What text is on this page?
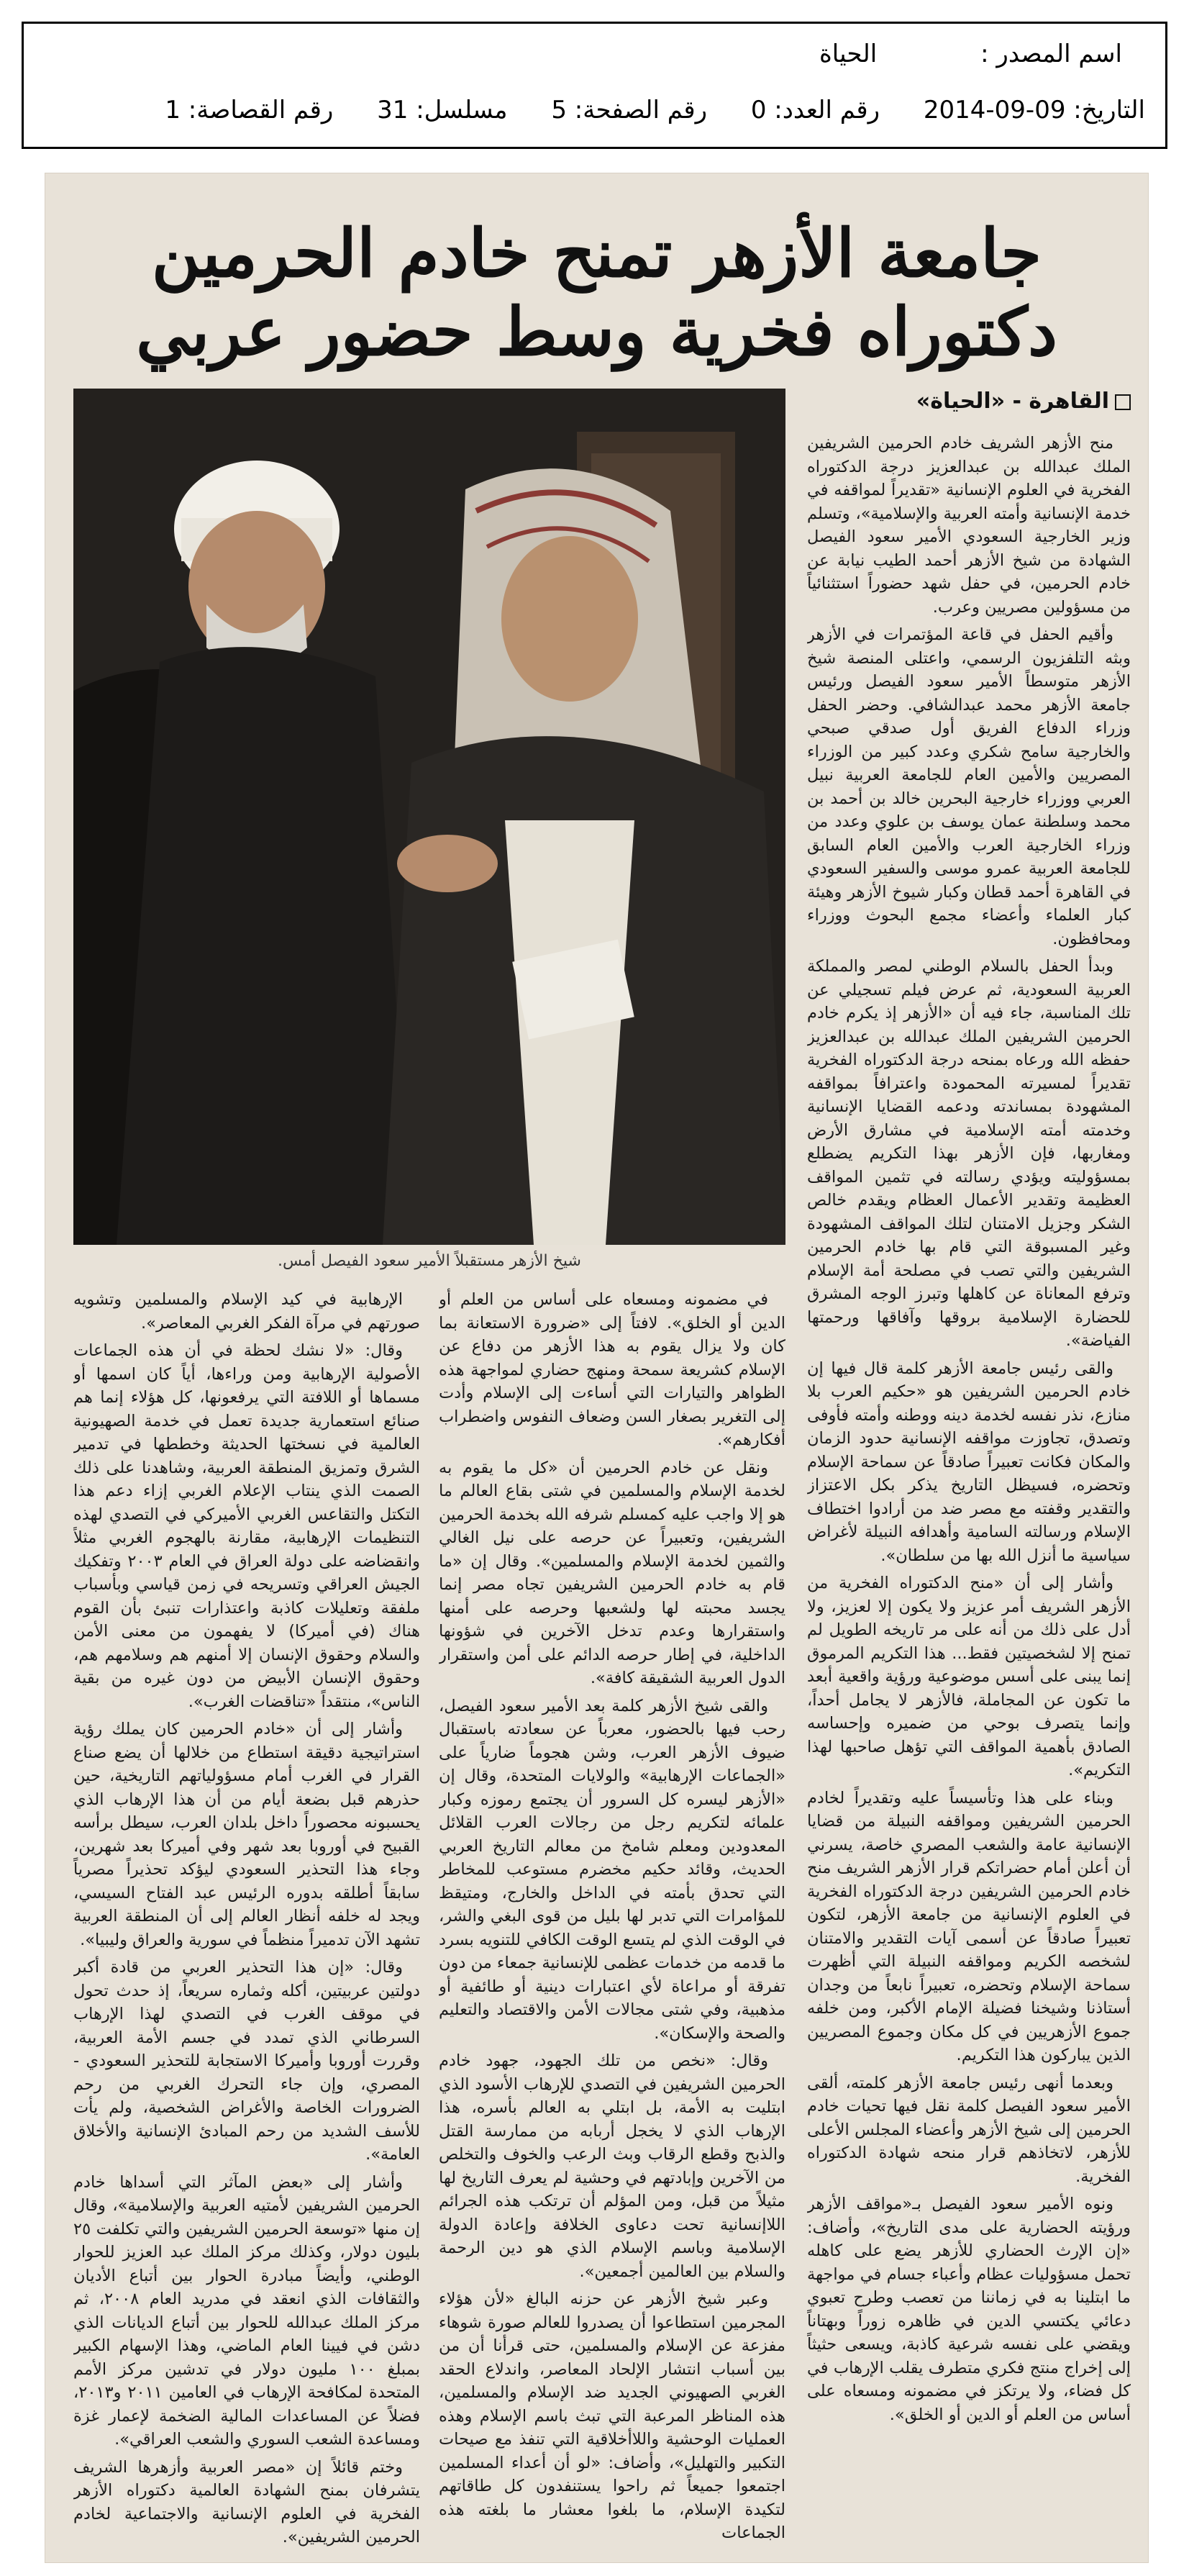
اسم المصدر :الحياة
التاريخ: 2014-09-09 رقم العدد: 0 رقم الصفحة: 5 مسلسل: 31 رقم القصاصة: 1
جامعة الأزهر تمنح خادم الحرمين
دكتوراه فخرية وسط حضور عربي
شيخ الأزهر مستقبلاً الأمير سعود الفيصل أمس.
القاهرة - «الحياة»

منح الأزهر الشريف خادم الحرمين الشريفين الملك عبدالله بن عبدالعزيز درجة الدكتوراه الفخرية في العلوم الإنسانية «تقديراً لمواقفه في خدمة الإنسانية وأمته العربية والإسلامية»، وتسلم وزير الخارجية السعودي الأمير سعود الفيصل الشهادة من شيخ الأزهر أحمد الطيب نيابة عن خادم الحرمين، في حفل شهد حضوراً استثنائياً من مسؤولين مصريين وعرب.

وأقيم الحفل في قاعة المؤتمرات في الأزهر وبثه التلفزيون الرسمي، واعتلى المنصة شيخ الأزهر متوسطاً الأمير سعود الفيصل ورئيس جامعة الأزهر محمد عبدالشافي. وحضر الحفل وزراء الدفاع الفريق أول صدقي صبحي والخارجية سامح شكري وعدد كبير من الوزراء المصريين والأمين العام للجامعة العربية نبيل العربي ووزراء خارجية البحرين خالد بن أحمد بن محمد وسلطنة عمان يوسف بن علوي وعدد من وزراء الخارجية العرب والأمين العام السابق للجامعة العربية عمرو موسى والسفير السعودي في القاهرة أحمد قطان وكبار شيوخ الأزهر وهيئة كبار العلماء وأعضاء مجمع البحوث ووزراء ومحافظون.

وبدأ الحفل بالسلام الوطني لمصر والمملكة العربية السعودية، ثم عرض فيلم تسجيلي عن تلك المناسبة، جاء فيه أن «الأزهر إذ يكرم خادم الحرمين الشريفين الملك عبدالله بن عبدالعزيز حفظه الله ورعاه بمنحه درجة الدكتوراه الفخرية تقديراً لمسيرته المحمودة واعترافاً بمواقفه المشهودة بمساندته ودعمه القضايا الإنسانية وخدمته أمته الإسلامية في مشارق الأرض ومغاربها، فإن الأزهر بهذا التكريم يضطلع بمسؤوليته ويؤدي رسالته في تثمين المواقف العظيمة وتقدير الأعمال العظام ويقدم خالص الشكر وجزيل الامتنان لتلك المواقف المشهودة وغير المسبوقة التي قام بها خادم الحرمين الشريفين والتي تصب في مصلحة أمة الإسلام وترفع المعاناة عن كاهلها وتبرز الوجه المشرق للحضارة الإسلامية بروقها وآفاقها ورحمتها الفياضة».

والقى رئيس جامعة الأزهر كلمة قال فيها إن خادم الحرمين الشريفين هو «حكيم العرب بلا منازع، نذر نفسه لخدمة دينه ووطنه وأمته فأوفى وتصدق، تجاوزت مواقفه الإنسانية حدود الزمان والمكان فكانت تعبيراً صادقاً عن سماحة الإسلام وتحضره، فسيظل التاريخ يذكر بكل الاعتزاز والتقدير وقفته مع مصر ضد من أرادوا اختطاف الإسلام ورسالته السامية وأهدافه النبيلة لأغراض سياسية ما أنزل الله بها من سلطان».

وأشار إلى أن «منح الدكتوراه الفخرية من الأزهر الشريف أمر عزيز ولا يكون إلا لعزيز، ولا أدل على ذلك من أنه على مر تاريخه الطويل لم تمنح إلا لشخصيتين فقط... هذا التكريم المرموق إنما يبنى على أسس موضوعية ورؤية واقعية أبعد ما تكون عن المجاملة، فالأزهر لا يجامل أحداً، وإنما يتصرف بوحي من ضميره وإحساسه الصادق بأهمية المواقف التي تؤهل صاحبها لهذا التكريم».

وبناء على هذا وتأسيساً عليه وتقديراً لخادم الحرمين الشريفين ومواقفه النبيلة من قضايا الإنسانية عامة والشعب المصري خاصة، يسرني أن أعلن أمام حضراتكم قرار الأزهر الشريف منح خادم الحرمين الشريفين درجة الدكتوراه الفخرية في العلوم الإنسانية من جامعة الأزهر، لتكون تعبيراً صادقاً عن أسمى آيات التقدير والامتنان لشخصه الكريم ومواقفه النبيلة التي أظهرت سماحة الإسلام وتحضره، تعبيراً نابعاً من وجدان أستاذنا وشيخنا فضيلة الإمام الأكبر، ومن خلفه جموع الأزهريين في كل مكان وجموع المصريين الذين يباركون هذا التكريم.

وبعدما أنهى رئيس جامعة الأزهر كلمته، ألقى الأمير سعود الفيصل كلمة نقل فيها تحيات خادم الحرمين إلى شيخ الأزهر وأعضاء المجلس الأعلى للأزهر، لاتخاذهم قرار منحه شهادة الدكتوراه الفخرية.

ونوه الأمير سعود الفيصل بـ«مواقف الأزهر ورؤيته الحضارية على مدى التاريخ»، وأضاف: «إن الإرث الحضاري للأزهر يضع على كاهله تحمل مسؤوليات عظام وأعباء جسام في مواجهة ما ابتلينا به في زماننا من تعصب وطرح تعبوي دعائي يكتسي الدين في ظاهره زوراً وبهتاناً ويقضي على نفسه شرعية كاذبة، ويسعى حثيثاً إلى إخراج منتج فكري متطرف يقلب الإرهاب في كل فضاء، ولا يرتكز في مضمونه ومسعاه على أساس من العلم أو الدين أو الخلق».

في مضمونه ومسعاه على أساس من العلم أو الدين أو الخلق». لافتاً إلى «ضرورة الاستعانة بما كان ولا يزال يقوم به هذا الأزهر من دفاع عن الإسلام كشريعة سمحة ومنهج حضاري لمواجهة هذه الظواهر والتيارات التي أساءت إلى الإسلام وأدت إلى التغرير بصغار السن وضعاف النفوس واضطراب أفكارهم».

ونقل عن خادم الحرمين أن «كل ما يقوم به لخدمة الإسلام والمسلمين في شتى بقاع العالم ما هو إلا واجب عليه كمسلم شرفه الله بخدمة الحرمين الشريفين، وتعبيراً عن حرصه على نيل الغالي والثمين لخدمة الإسلام والمسلمين». وقال إن «ما قام به خادم الحرمين الشريفين تجاه مصر إنما يجسد محبته لها ولشعبها وحرصه على أمنها واستقرارها وعدم تدخل الآخرين في شؤونها الداخلية، في إطار حرصه الدائم على أمن واستقرار الدول العربية الشقيقة كافة».

والقى شيخ الأزهر كلمة بعد الأمير سعود الفيصل، رحب فيها بالحضور، معرباً عن سعادته باستقبال ضيوف الأزهر العرب، وشن هجوماً ضارياً على «الجماعات الإرهابية» والولايات المتحدة، وقال إن «الأزهر ليسره كل السرور أن يجتمع رموزه وكبار علمائه لتكريم رجل من رجالات العرب القلائل المعدودين ومعلم شامخ من معالم التاريخ العربي الحديث، وقائد حكيم مخضرم مستوعب للمخاطر التي تحدق بأمته في الداخل والخارج، ومتيقظ للمؤامرات التي تدبر لها بليل من قوى البغي والشر، في الوقت الذي لم يتسع الوقت الكافي للتنويه بسرد ما قدمه من خدمات عظمى للإنسانية جمعاء من دون تفرقة أو مراعاة لأي اعتبارات دينية أو طائفية أو مذهبية، وفي شتى مجالات الأمن والاقتصاد والتعليم والصحة والإسكان».

وقال: «نخص من تلك الجهود، جهود خادم الحرمين الشريفين في التصدي للإرهاب الأسود الذي ابتليت به الأمة، بل ابتلي به العالم بأسره، هذا الإرهاب الذي لا يخجل أربابه من ممارسة القتل والذبح وقطع الرقاب وبث الرعب والخوف والتخلص من الآخرين وإبادتهم في وحشية لم يعرف التاريخ لها مثيلاً من قبل، ومن المؤلم أن ترتكب هذه الجرائم اللاإنسانية تحت دعاوى الخلافة وإعادة الدولة الإسلامية وباسم الإسلام الذي هو دين الرحمة والسلام بين العالمين أجمعين».

وعبر شيخ الأزهر عن حزنه البالغ «لأن هؤلاء المجرمين استطاعوا أن يصدروا للعالم صورة شوهاء مفزعة عن الإسلام والمسلمين، حتى قرأنا أن من بين أسباب انتشار الإلحاد المعاصر، واندلاع الحقد الغربي الصهيوني الجديد ضد الإسلام والمسلمين، هذه المناظر المرعبة التي تبث باسم الإسلام وهذه العمليات الوحشية واللاأخلاقية التي تنفذ مع صيحات التكبير والتهليل»، وأضاف: «لو أن أعداء المسلمين اجتمعوا جميعاً ثم راحوا يستنفدون كل طاقاتهم لتكيدة الإسلام، ما بلغوا معشار ما بلغته هذه الجماعات

الإرهابية في كيد الإسلام والمسلمين وتشويه صورتهم في مرآة الفكر الغربي المعاصر».

وقال: «لا نشك لحظة في أن هذه الجماعات الأصولية الإرهابية ومن وراءها، أياً كان اسمها أو مسماها أو اللافتة التي يرفعونها، كل هؤلاء إنما هم صنائع استعمارية جديدة تعمل في خدمة الصهيونية العالمية في نسختها الحديثة وخططها في تدمير الشرق وتمزيق المنطقة العربية، وشاهدنا على ذلك الصمت الذي ينتاب الإعلام الغربي إزاء دعم هذا التكتل والتقاعس الغربي الأميركي في التصدي لهذه التنظيمات الإرهابية، مقارنة بالهجوم الغربي مثلاً وانقضاضه على دولة العراق في العام ٢٠٠٣ وتفكيك الجيش العراقي وتسريحه في زمن قياسي وبأسباب ملفقة وتعليلات كاذبة واعتذارات تنبئ بأن القوم هناك (في أميركا) لا يفهمون من معنى الأمن والسلام وحقوق الإنسان إلا أمنهم هم وسلامهم هم، وحقوق الإنسان الأبيض من دون غيره من بقية الناس»، منتقداً «تناقضات الغرب».

وأشار إلى أن «خادم الحرمين كان يملك رؤية استراتيجية دقيقة استطاع من خلالها أن يضع صناع القرار في الغرب أمام مسؤولياتهم التاريخية، حين حذرهم قبل بضعة أيام من أن هذا الإرهاب الذي يحسبونه محصوراً داخل بلدان العرب، سيطل برأسه القبيح في أوروبا بعد شهر وفي أميركا بعد شهرين، وجاء هذا التحذير السعودي ليؤكد تحذيراً مصرياً سابقاً أطلقه بدوره الرئيس عبد الفتاح السيسي، ويجد له خلفه أنظار العالم إلى أن المنطقة العربية تشهد الآن تدميراً منظماً في سورية والعراق وليبيا».

وقال: «إن هذا التحذير العربي من قادة أكبر دولتين عربيتين، أكله وثماره سريعاً، إذ حدث تحول في موقف الغرب في التصدي لهذا الإرهاب السرطاني الذي تمدد في جسم الأمة العربية، وقررت أوروبا وأميركا الاستجابة للتحذير السعودي - المصري، وإن جاء التحرك الغربي من رحم الضرورات الخاصة والأغراض الشخصية، ولم يأت للأسف الشديد من رحم المبادئ الإنسانية والأخلاق العامة».

وأشار إلى «بعض المآثر التي أسداها خادم الحرمين الشريفين لأمتيه العربية والإسلامية»، وقال إن منها «توسعة الحرمين الشريفين والتي تكلفت ٢٥ بليون دولار، وكذلك مركز الملك عبد العزيز للحوار الوطني، وأيضاً مبادرة الحوار بين أتباع الأديان والثقافات الذي انعقد في مدريد العام ٢٠٠٨، ثم مركز الملك عبدالله للحوار بين أتباع الديانات الذي دشن في فيينا العام الماضي، وهذا الإسهام الكبير بمبلغ ١٠٠ مليون دولار في تدشين مركز الأمم المتحدة لمكافحة الإرهاب في العامين ٢٠١١ و٢٠١٣، فضلاً عن المساعدات المالية الضخمة لإعمار غزة ومساعدة الشعب السوري والشعب العراقي».

وختم قائلاً إن «مصر العربية وأزهرها الشريف يتشرفان بمنح الشهادة العالمية دكتوراه الأزهر الفخرية في العلوم الإنسانية والاجتماعية لخادم الحرمين الشريفين».
